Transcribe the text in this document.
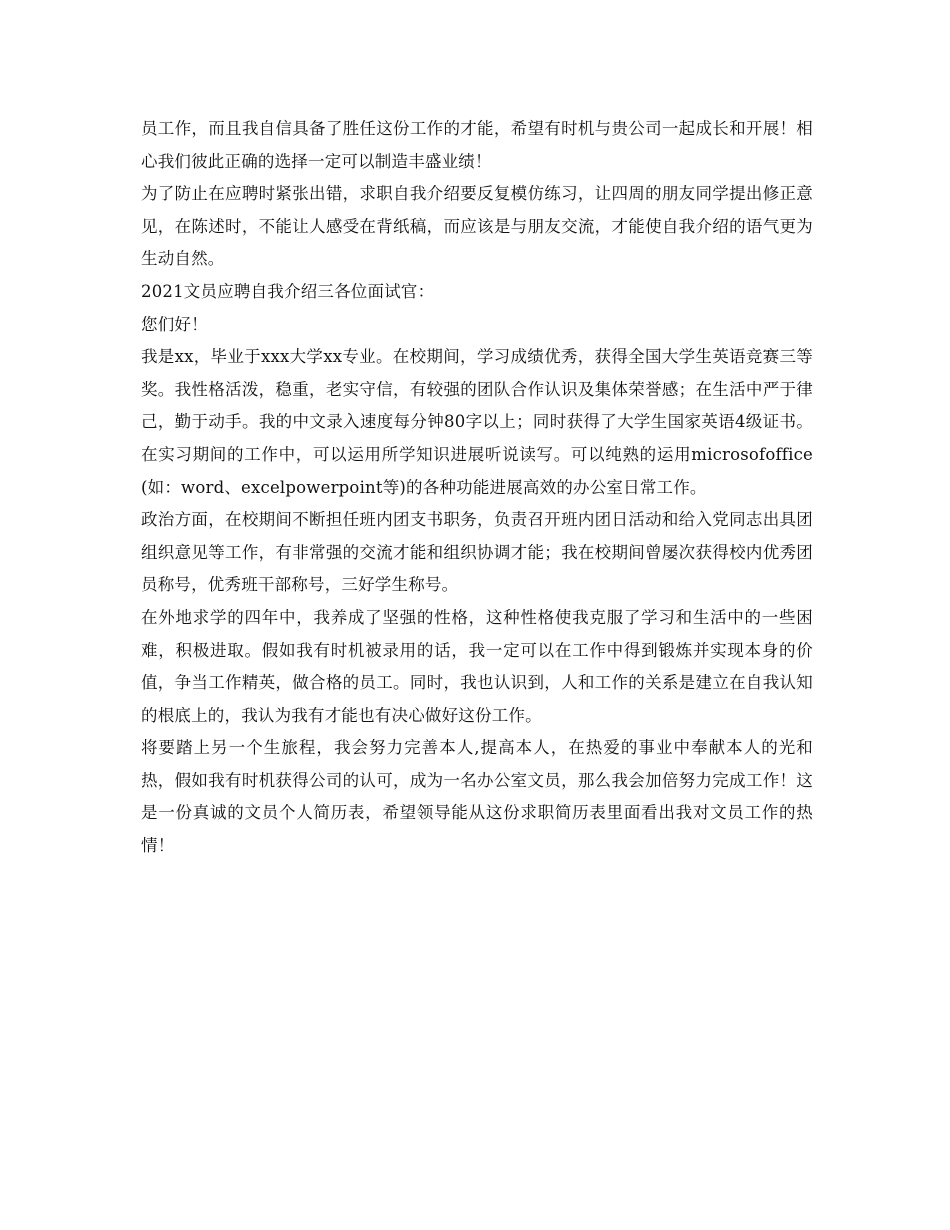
员工作，而且我自信具备了胜任这份工作的才能，希望有时机与贵公司一起成长和开展！相心我们彼此正确的选择一定可以制造丰盛业绩！

为了防止在应聘时紧张出错，求职自我介绍要反复模仿练习，让四周的朋友同学提出修正意见，在陈述时，不能让人感受在背纸稿，而应该是与朋友交流，才能使自我介绍的语气更为生动自然。

2021文员应聘自我介绍三各位面试官：

您们好！

我是xx，毕业于xxx大学xx专业。在校期间，学习成绩优秀，获得全国大学生英语竞赛三等奖。我性格活泼，稳重，老实守信，有较强的团队合作认识及集体荣誉感；在生活中严于律己，勤于动手。我的中文录入速度每分钟80字以上；同时获得了大学生国家英语4级证书。在实习期间的工作中，可以运用所学知识进展听说读写。可以纯熟的运用microsofoffice(如：word、excelpowerpoint等)的各种功能进展高效的办公室日常工作。

政治方面，在校期间不断担任班内团支书职务，负责召开班内团日活动和给入党同志出具团组织意见等工作，有非常强的交流才能和组织协调才能；我在校期间曾屡次获得校内优秀团员称号，优秀班干部称号，三好学生称号。

在外地求学的四年中，我养成了坚强的性格，这种性格使我克服了学习和生活中的一些困难，积极进取。假如我有时机被录用的话，我一定可以在工作中得到锻炼并实现本身的价值，争当工作精英，做合格的员工。同时，我也认识到，人和工作的关系是建立在自我认知的根底上的，我认为我有才能也有决心做好这份工作。

将要踏上另一个生旅程，我会努力完善本人,提高本人，在热爱的事业中奉献本人的光和热，假如我有时机获得公司的认可，成为一名办公室文员，那么我会加倍努力完成工作！这是一份真诚的文员个人简历表，希望领导能从这份求职简历表里面看出我对文员工作的热情！
